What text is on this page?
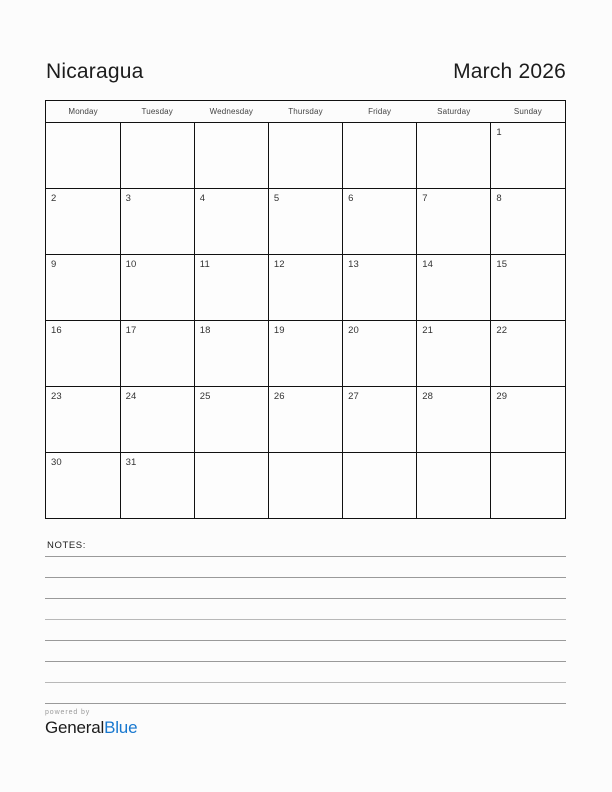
Nicaragua	March 2026
Monday	Tuesday	Wednesday	Thursday	Friday	Saturday	Sunday

						1

2	3	4	5	6	7	8

9	10	11	12	13	14	15

16	17	18	19	20	21	22

23	24	25	26	27	28	29

30	31					

NOTES:
powered by
GeneralBlue
